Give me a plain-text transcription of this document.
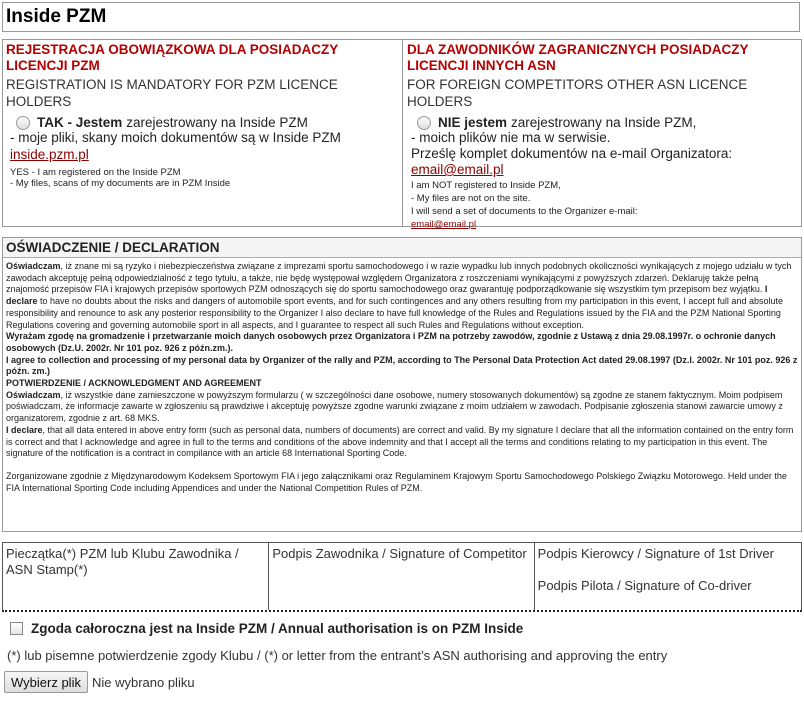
Inside PZM
REJESTRACJA OBOWIĄZKOWA DLA POSIADACZY LICENCJI PZM
REGISTRATION IS MANDATORY FOR PZM LICENCE HOLDERS
TAK - Jestem zarejestrowany na Inside PZM
- moje pliki, skany moich dokumentów są w Inside PZM
inside.pzm.pl
YES - I am registered on the Inside PZM
- My files, scans of my documents are in PZM Inside
DLA ZAWODNIKÓW ZAGRANICZNYCH POSIADACZY LICENCJI INNYCH ASN
FOR FOREIGN COMPETITORS OTHER ASN LICENCE HOLDERS
NIE jestem zarejestrowany na Inside PZM,
- moich plików nie ma w serwisie.
Prześlę komplet dokumentów na e-mail Organizatora:
email@email.pl
I am NOT registered to Inside PZM,
- My files are not on the site.
I will send a set of documents to the Organizer e-mail:
email@email.pl
OŚWIADCZENIE / DECLARATION

Oświadczam, iż znane mi są ryzyko i niebezpieczeństwa związane z imprezami sportu samochodowego i w razie wypadku lub innych podobnych okoliczności wynikających z mojego udziału w tych zawodach akceptuję pełną odpowiedzialność z tego tytułu, a także, nie będę występował względem Organizatora z roszczeniami wynikającymi z powyższych zdarzeń. Deklaruję także pełną znajomość przepisów FIA i krajowych przepisów sportowych PZM odnoszących się do sportu samochodowego oraz gwarantuję podporządkowanie się wszystkim tym przepisom bez wyjątku. I declare to have no doubts about the risks and dangers of automobile sport events, and for such contingences and any others resulting from my participation in this event, I accept full and absolute responsibility and renounce to ask any posterior responsibility to the Organizer I also declare to have full knowledge of the Rules and Regulations issued by the FIA and the PZM National Sporting Regulations covering and governing automobile sport in all aspects, and I guarantee to respect all such Rules and Regulations without exception.

Wyrażam zgodę na gromadzenie i przetwarzanie moich danych osobowych przez Organizatora i PZM na potrzeby zawodów, zgodnie z Ustawą z dnia 29.08.1997r. o ochronie danych osobowych (Dz.U. 2002r. Nr 101 poz. 926 z późn.zm.).

I agree to collection and processing of my personal data by Organizer of the rally and PZM, according to The Personal Data Protection Act dated 29.08.1997 (Dz.l. 2002r. Nr 101 poz. 926 z późn. zm.)

POTWIERDZENIE / ACKNOWLEDGMENT AND AGREEMENT

Oświadczam, iż wszystkie dane zamieszczone w powyższym formularzu ( w szczególności dane osobowe, numery stosowanych dokumentów) są zgodne ze stanem faktycznym. Moim podpisem poświadczam, że informacje zawarte w zgłoszeniu są prawdziwe i akceptuję powyższe zgodne warunki związane z moim udziałem w zawodach. Podpisanie zgłoszenia stanowi zawarcie umowy z organizatorem, zgodnie z art. 68 MKS.

I declare, that all data entered in above entry form (such as personal data, numbers of documents) are correct and valid. By my signature I declare that all the information contained on the entry form is correct and that I acknowledge and agree in full to the terms and conditions of the above indemnity and that I accept all the terms and conditions relating to my participation in this event. The signature of the notification is a contract in compilance with an article 68 International Sporting Code.

Zorganizowane zgodnie z Międzynarodowym Kodeksem Sportowym FIA i jego załącznikami oraz Regulaminem Krajowym Sportu Samochodowego Polskiego Związku Motorowego. Held under the FIA International Sporting Code including Appendices and under the National Competition Rules of PZM.

Pieczątka(*) PZM lub Klubu Zawodnika / ASN Stamp(*)
Podpis Zawodnika / Signature of Competitor Podpis Kierowcy / Signature of 1st Driver
Podpis Pilota / Signature of Co-driver
Zgoda całoroczna jest na Inside PZM / Annual authorisation is on PZM Inside
(*) lub pisemne potwierdzenie zgody Klubu / (*) or letter from the entrant’s ASN authorising and approving the entry
Wybierz plik Nie wybrano pliku
